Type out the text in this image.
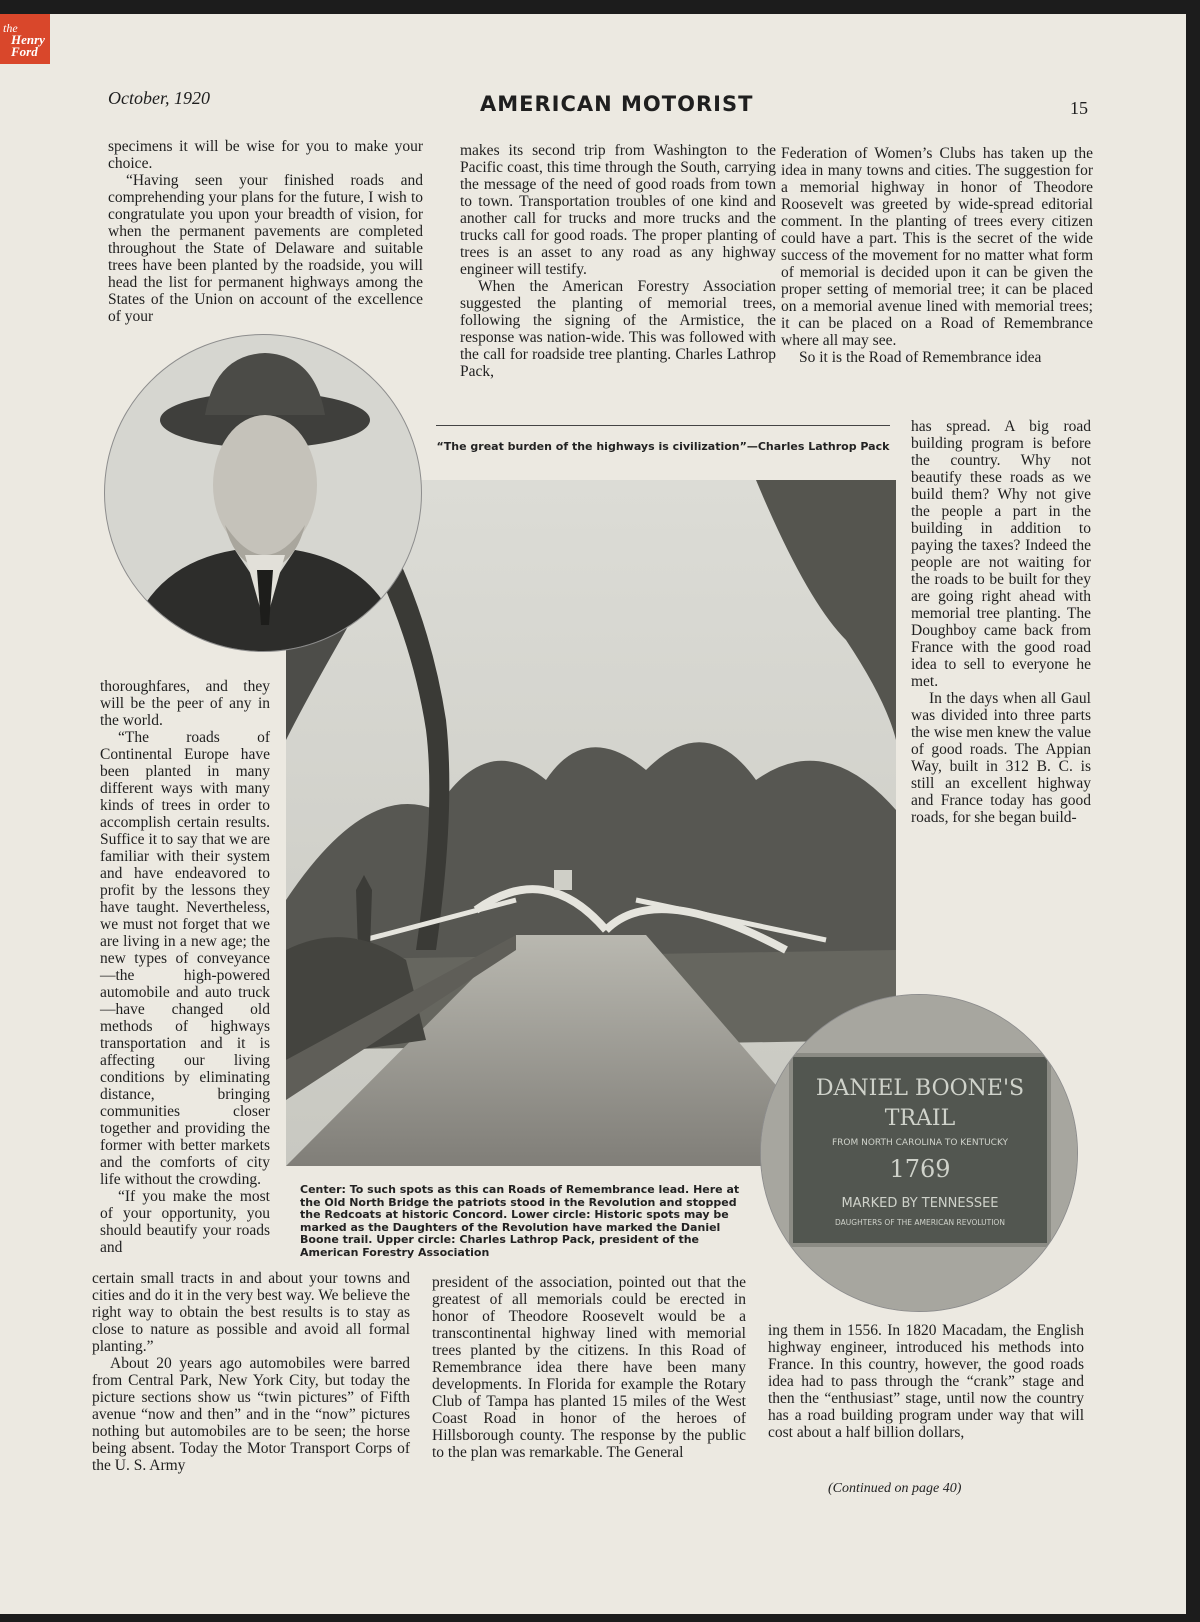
the
Henry
Ford
October, 1920	AMERICAN MOTORIST	15

specimens it will be wise for you to make your choice.

“Having seen your finished roads and comprehending your plans for the future, I wish to congratulate you upon your breadth of vision, for when the permanent pavements are completed throughout the State of Delaware and suitable trees have been planted by the roadside, you will head the list for permanent highways among the States of the Union on account of the excellence of your

makes its second trip from Washington to the Pacific coast, this time through the South, carrying the message of the need of good roads from town to town. Transportation troubles of one kind and another call for trucks and more trucks and the trucks call for good roads. The proper planting of trees is an asset to any road as any highway engineer will testify.

When the American Forestry Association suggested the planting of memorial trees, following the signing of the Armistice, the response was nation-wide. This was followed with the call for roadside tree planting. Charles Lathrop Pack,

Federation of Women’s Clubs has taken up the idea in many towns and cities. The suggestion for a memorial highway in honor of Theodore Roosevelt was greeted by wide-spread editorial comment. In the planting of trees every citizen could have a part. This is the secret of the wide success of the movement for no matter what form of memorial is decided upon it can be given the proper setting of memorial tree; it can be placed on a memorial avenue lined with memorial trees; it can be placed on a Road of Remembrance where all may see.

So it is the Road of Remembrance idea

“The great burden of the highways is civilization”—Charles Lathrop Pack

has spread. A big road building program is before the country. Why not beautify these roads as we build them? Why not give the people a part in the building in addition to paying the taxes? Indeed the people are not waiting for the roads to be built for they are going right ahead with memorial tree planting. The Doughboy came back from France with the good road idea to sell to everyone he met.

In the days when all Gaul was divided into three parts the wise men knew the value of good roads. The Appian Way, built in 312 B. C. is still an excellent highway and France today has good roads, for she began build-

thoroughfares, and they will be the peer of any in the world.

“The roads of Continental Europe have been planted in many different ways with many kinds of trees in order to accomplish certain results. Suffice it to say that we are familiar with their system and have endeavored to profit by the lessons they have taught. Nevertheless, we must not forget that we are living in a new age; the new types of conveyance—the high-powered automobile and auto truck—have changed old methods of highways transportation and it is affecting our living conditions by eliminating distance, bringing communities closer together and providing the former with better markets and the comforts of city life without the crowding.

“If you make the most of your opportunity, you should beautify your roads and

Center: To such spots as this can Roads of Remembrance lead. Here at the Old North Bridge the patriots stood in the Revolution and stopped the Redcoats at historic Concord. Lower circle: Historic spots may be marked as the Daughters of the Revolution have marked the Daniel Boone trail. Upper circle: Charles Lathrop Pack, president of the American Forestry Association
DANIEL BOONE'S
TRAIL
FROM NORTH CAROLINA TO KENTUCKY
1769
MARKED BY TENNESSEE
DAUGHTERS OF THE AMERICAN REVOLUTION

certain small tracts in and about your towns and cities and do it in the very best way. We believe the right way to obtain the best results is to stay as close to nature as possible and avoid all formal planting.”

About 20 years ago automobiles were barred from Central Park, New York City, but today the picture sections show us “twin pictures” of Fifth avenue “now and then” and in the “now” pictures nothing but automobiles are to be seen; the horse being absent. Today the Motor Transport Corps of the U. S. Army

president of the association, pointed out that the greatest of all memorials could be erected in honor of Theodore Roosevelt would be a transcontinental highway lined with memorial trees planted by the citizens. In this Road of Remembrance idea there have been many developments. In Florida for example the Rotary Club of Tampa has planted 15 miles of the West Coast Road in honor of the heroes of Hillsborough county. The response by the public to the plan was remarkable. The General

ing them in 1556. In 1820 Macadam, the English highway engineer, introduced his methods into France. In this country, however, the good roads idea had to pass through the “crank” stage and then the “enthusiast” stage, until now the country has a road building program under way that will cost about a half billion dollars,

(Continued on page 40)
